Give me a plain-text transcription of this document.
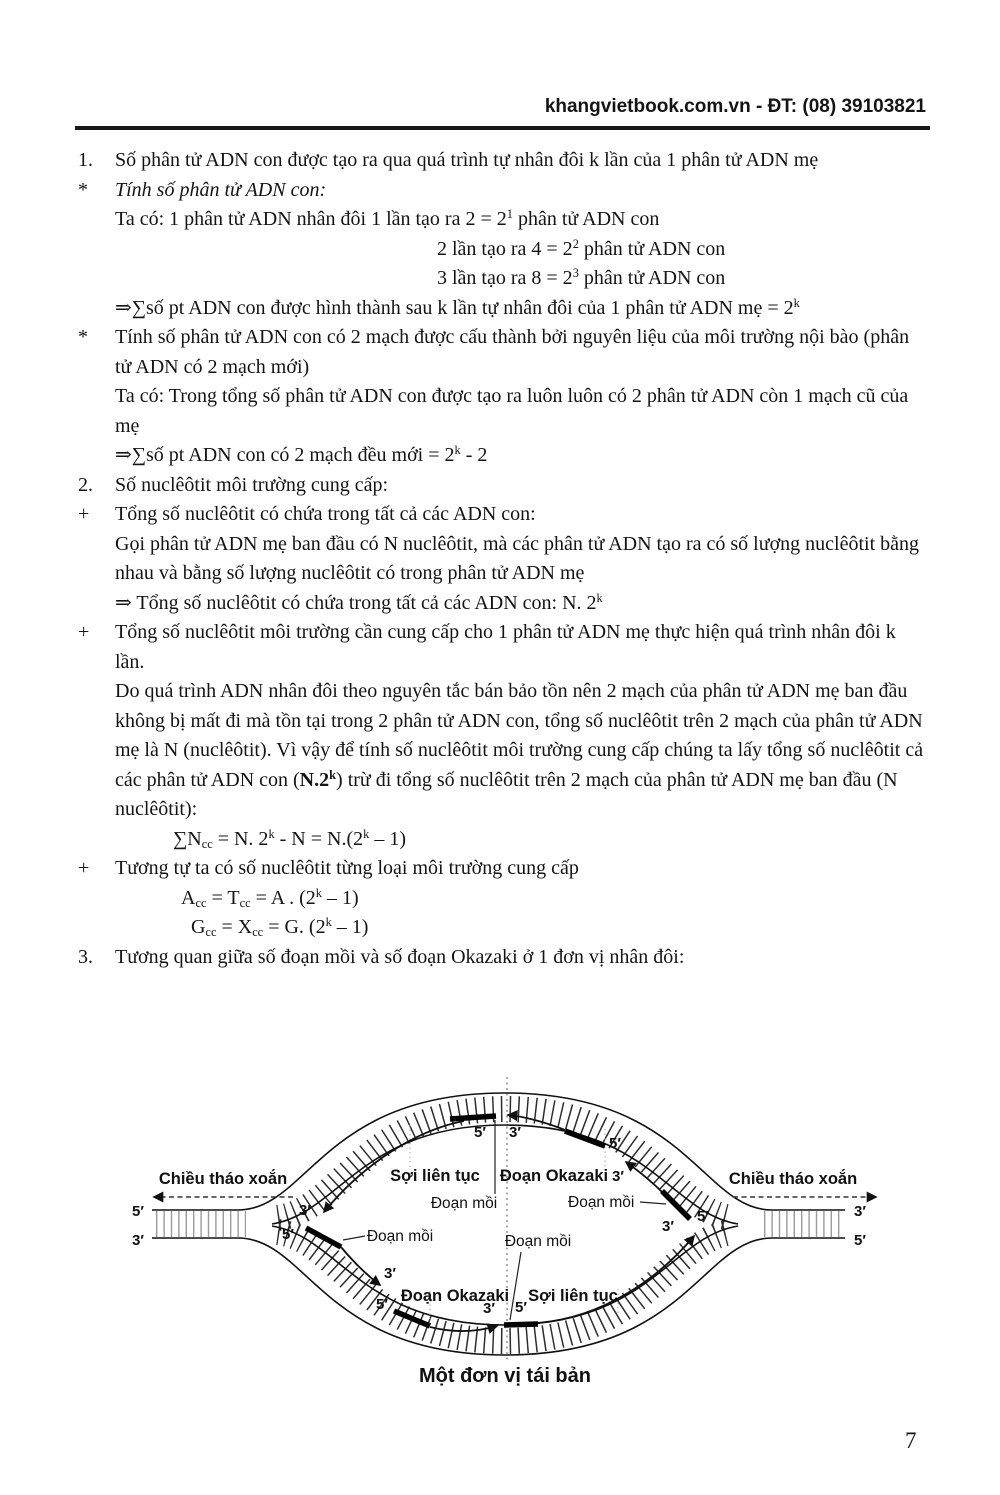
khangvietbook.com.vn - ĐT: (08) 39103821
1.	Số phân tử ADN con được tạo ra qua quá trình tự nhân đôi k lần của 1 phân tử ADN mẹ
*	Tính số phân tử ADN con:
Ta có: 1 phân tử ADN nhân đôi 1 lần tạo ra $2 = 2^1$ phân tử ADN con
2 lần tạo ra $4 = 2^2$ phân tử ADN con
3 lần tạo ra $8 = 2^3$ phân tử ADN con
⇒∑số pt ADN con được hình thành sau k lần tự nhân đôi của 1 phân tử ADN mẹ = $2^k$
*	Tính số phân tử ADN con có 2 mạch được cấu thành bởi nguyên liệu của môi trường nội bào (phân tử ADN có 2 mạch mới)
Ta có: Trong tổng số phân tử ADN con được tạo ra luôn luôn có 2 phân tử ADN còn 1 mạch cũ của mẹ
⇒∑số pt ADN con có 2 mạch đều mới = $2^k - 2$
2.	Số nuclêôtit môi trường cung cấp:
+	Tổng số nuclêôtit có chứa trong tất cả các ADN con:
Gọi phân tử ADN mẹ ban đầu có N nuclêôtit, mà các phân tử ADN tạo ra có số lượng nuclêôtit bằng nhau và bằng số lượng nuclêôtit có trong phân tử ADN mẹ
⇒ Tổng số nuclêôtit có chứa trong tất cả các ADN con: N. $2^k$
+	Tổng số nuclêôtit môi trường cần cung cấp cho 1 phân tử ADN mẹ thực hiện quá trình nhân đôi k lần.
Do quá trình ADN nhân đôi theo nguyên tắc bán bảo tồn nên 2 mạch của phân tử ADN mẹ ban đầu không bị mất đi mà tồn tại trong 2 phân tử ADN con, tổng số nuclêôtit trên 2 mạch của phân tử ADN mẹ là N (nuclêôtit). Vì vậy để tính số nuclêôtit môi trường cung cấp chúng ta lấy tổng số nuclêôtit cả các phân tử ADN con (N.2$^k$) trừ đi tổng số nuclêôtit trên 2 mạch của phân tử ADN mẹ ban đầu (N nuclêôtit):
$\sum N_{cc} = N$. $2^k - N = N.(2^k - 1)$
+	Tương tự ta có số nuclêôtit từng loại môi trường cung cấp
$A_{cc} = T_{cc} = A$ . (2$^k$ – 1)
$G_{cc} = X_{cc} = G$. (2$^k$ – 1)
3.	Tương quan giữa số đoạn mồi và số đoạn Okazaki ở 1 đơn vị nhân đôi:
Chiều tháo xoắn	Chiều tháo xoắn
5′
3′
3′
5′
Sợi liên tục Đoạn Okazaki 3′
Đoạn mồi	Đoạn mồi
5′ 3′
3′
5′
5′
5′	Đoạn mồi	Đoạn mồi
3′
Đoạn Okazaki Sợi liên tục
5′	3′ 5′
3′
Một đơn vị tái bản
7
